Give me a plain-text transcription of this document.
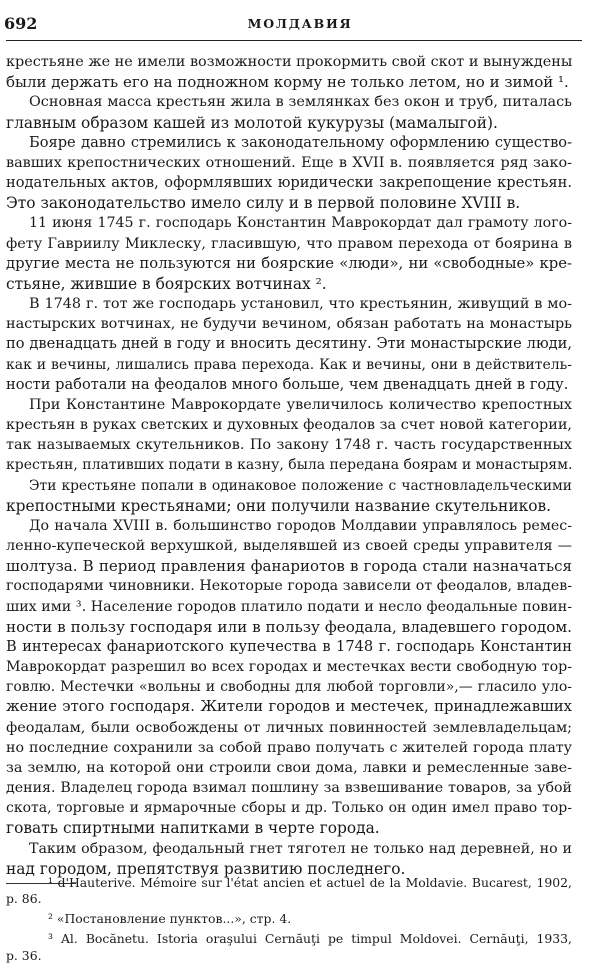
692	МОЛДАВИЯ
крестьяне же не имели возможности прокормить свой скот и вынуждены
были держать его на подножном корму не только летом, но и зимой ¹.
Основная масса крестьян жила в землянках без окон и труб, питалась
главным образом кашей из молотой кукурузы (мамалыгой).
Бояре давно стремились к законодательному оформлению существо-
вавших крепостнических отношений. Еще в XVII в. появляется ряд зако-
нодательных актов, оформлявших юридически закрепощение крестьян.
Это законодательство имело силу и в первой половине XVIII в.
11 июня 1745 г. господарь Константин Маврокордат дал грамоту лого-
фету Гавриилу Миклеску, гласившую, что правом перехода от боярина в
другие места не пользуются ни боярские «люди», ни «свободные» кре-
стьяне, жившие в боярских вотчинах ².
В 1748 г. тот же господарь установил, что крестьянин, живущий в мо-
настырских вотчинах, не будучи вечином, обязан работать на монастырь
по двенадцать дней в году и вносить десятину. Эти монастырские люди,
как и вечины, лишались права перехода. Как и вечины, они в действитель-
ности работали на феодалов много больше, чем двенадцать дней в году.
При Константине Маврокордате увеличилось количество крепостных
крестьян в руках светских и духовных феодалов за счет новой категории,
так называемых скутельников. По закону 1748 г. часть государственных
крестьян, плативших подати в казну, была передана боярам и монастырям.
Эти крестьяне попали в одинаковое положение с частновладельческими
крепостными крестьянами; они получили название скутельников.
До начала XVIII в. большинство городов Молдавии управлялось ремес-
ленно-купеческой верхушкой, выделявшей из своей среды управителя —
шолтуза. В период правления фанариотов в города стали назначаться
господарями чиновники. Некоторые города зависели от феодалов, владев-
ших ими ³. Население городов платило подати и несло феодальные повин-
ности в пользу господаря или в пользу феодала, владевшего городом.
В интересах фанариотского купечества в 1748 г. господарь Константин
Маврокордат разрешил во всех городах и местечках вести свободную тор-
говлю. Местечки «вольны и свободны для любой торговли»,— гласило уло-
жение этого господаря. Жители городов и местечек, принадлежавших
феодалам, были освобождены от личных повинностей землевладельцам;
но последние сохранили за собой право получать с жителей города плату
за землю, на которой они строили свои дома, лавки и ремесленные заве-
дения. Владелец города взимал пошлину за взвешивание товаров, за убой
скота, торговые и ярмарочные сборы и др. Только он один имел право тор-
говать спиртными напитками в черте города.
Таким образом, феодальный гнет тяготел не только над деревней, но и
над городом, препятствуя развитию последнего.
¹ d'Hauterive. Mémoire sur l'état ancien et actuel de la Moldavie. Bucarest, 1902,
p. 86.
² «Постановление пунктов...», стр. 4.
³ Al. Bocănetu. Istoria oraşului Cernăuţi pe timpul Moldovei. Cernăuţi, 1933,
p. 36.
